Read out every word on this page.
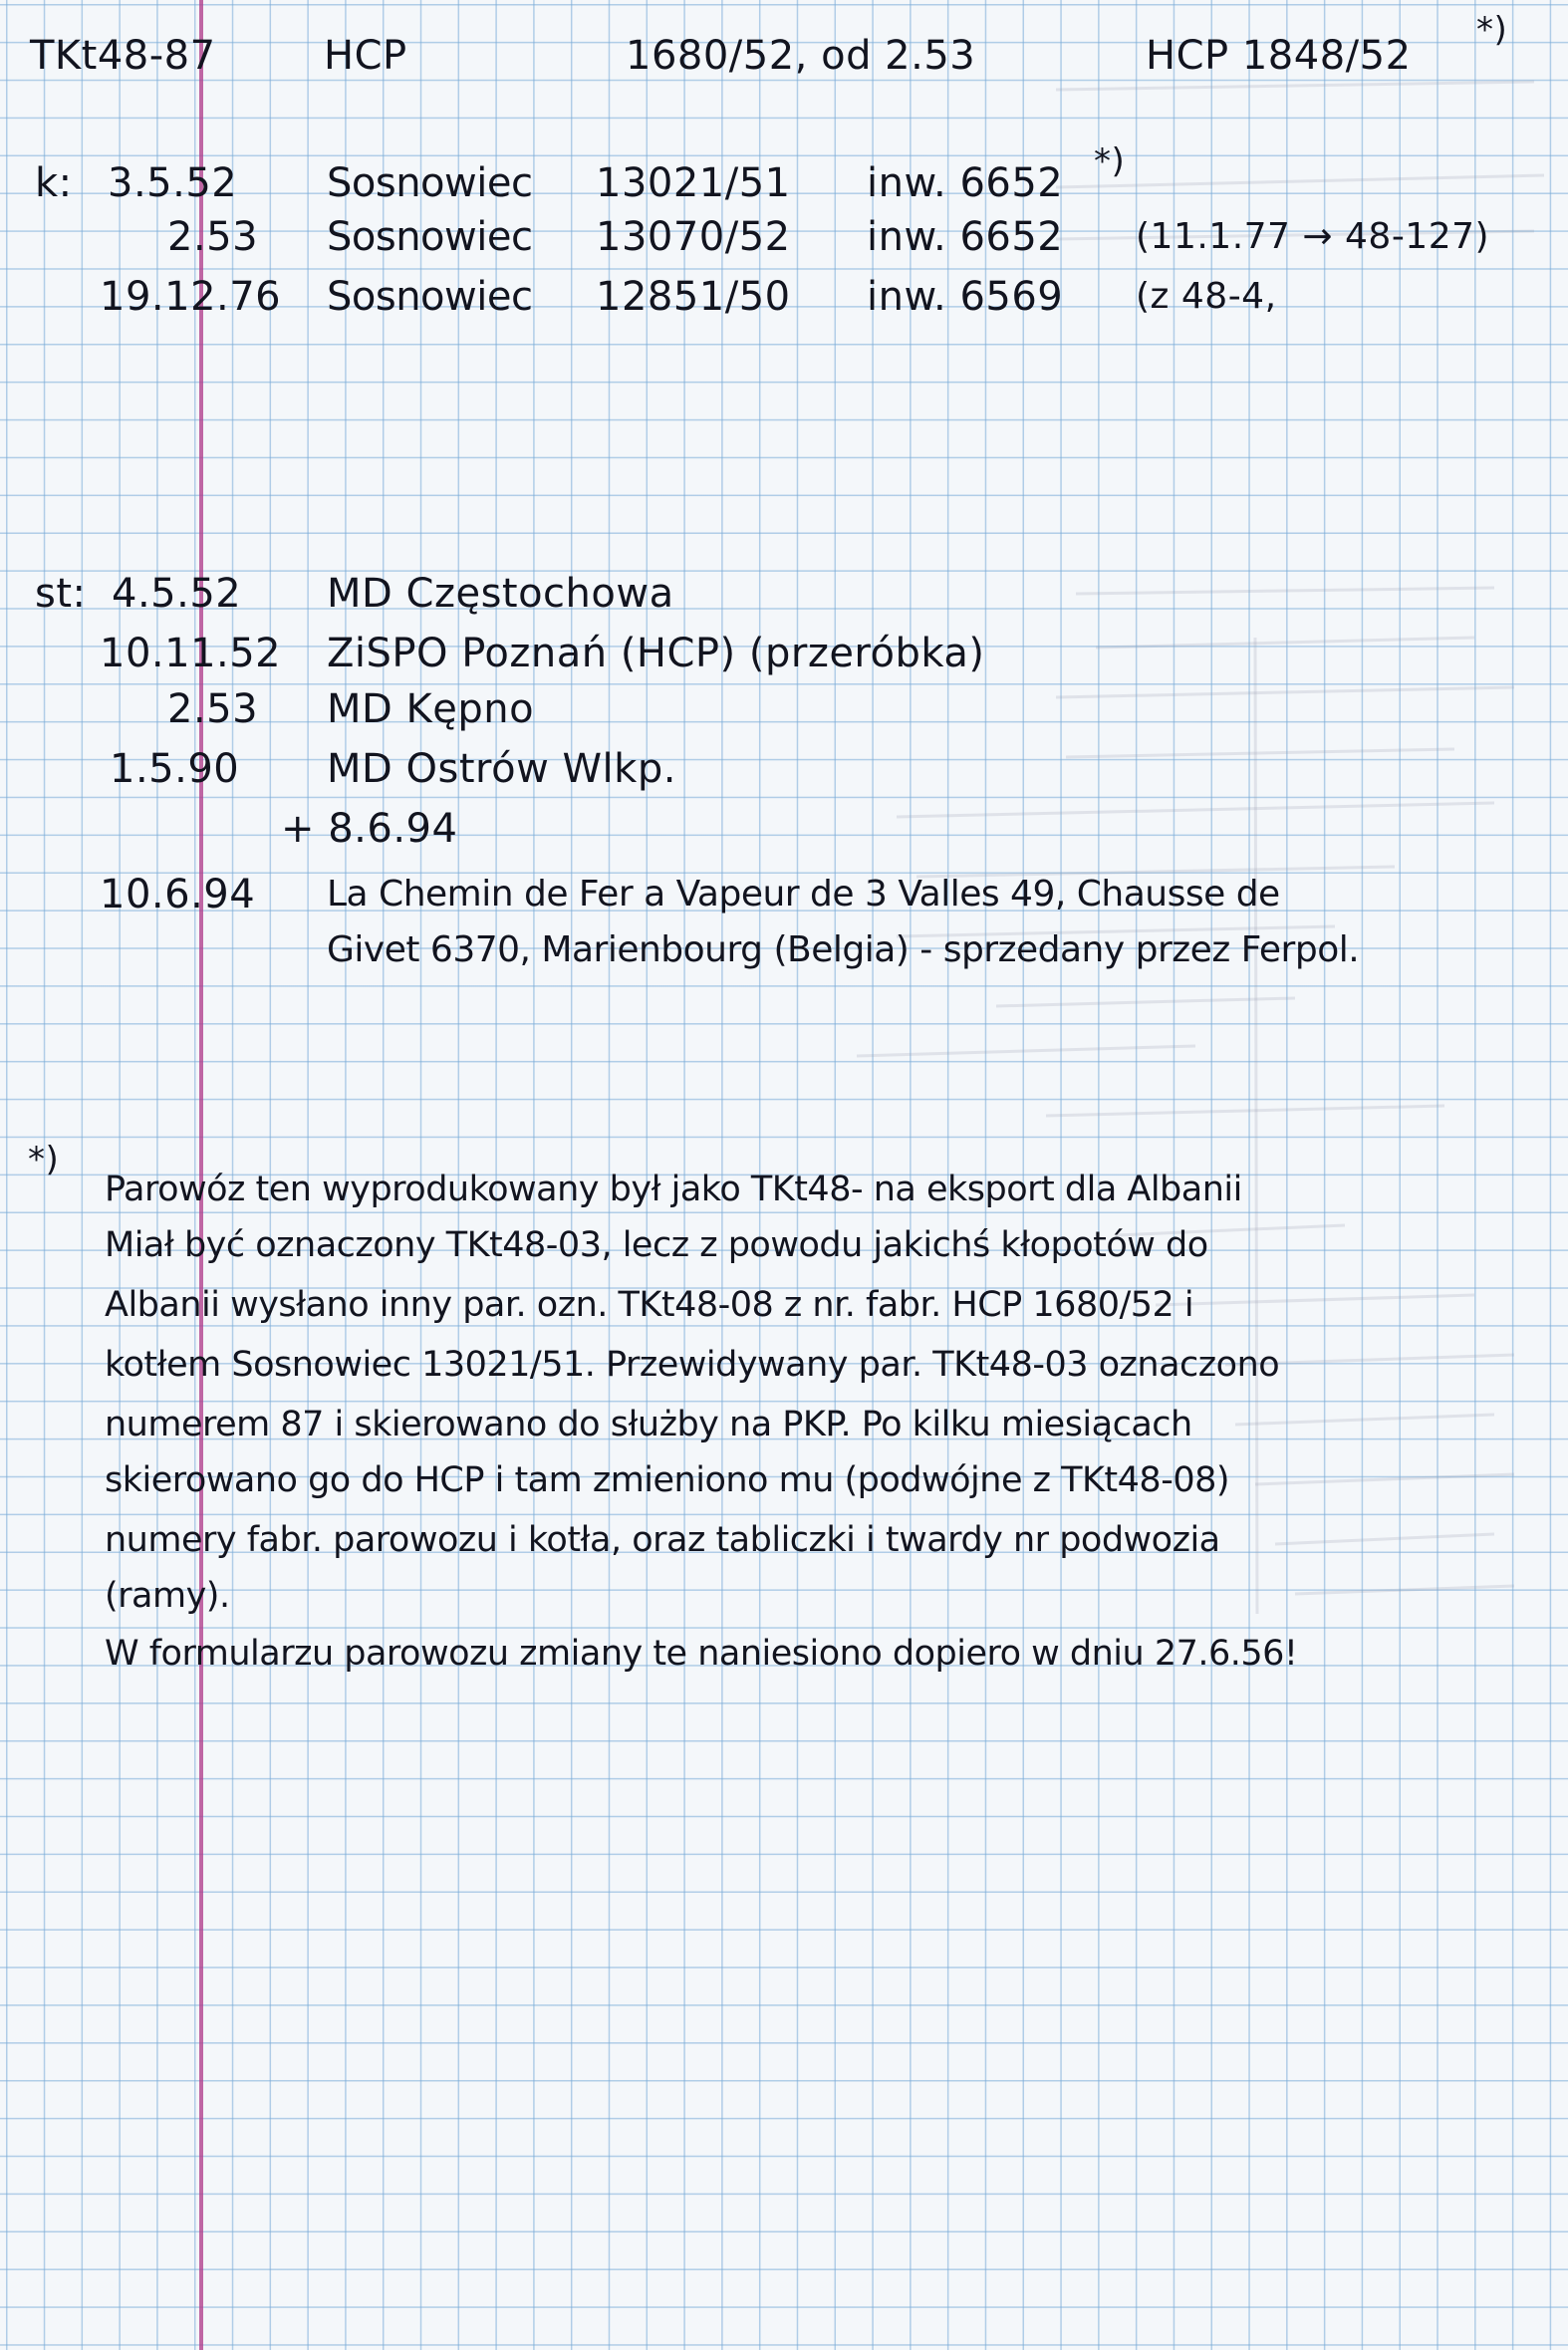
TKt48-87	HCP	1680/52, od 2.53	HCP 1848/52
*)
k: 3.5.52 Sosnowiec 13021/51 inw. 6652 *)
2.53 Sosnowiec 13070/52 inw. 6652 (11.1.77 → 48-127)
19.12.76 Sosnowiec 12851/50 inw. 6569 (z 48-4,
st: 4.5.52 MD Częstochowa
10.11.52 ZiSPO Poznań (HCP) (przeróbka)
2.53 MD Kępno
1.5.90 MD Ostrów Wlkp.
+ 8.6.94
10.6.94 La Chemin de Fer a Vapeur de 3 Valles 49, Chausse de
Givet 6370, Marienbourg (Belgia) - sprzedany przez Ferpol.
*)
Parowóz ten wyprodukowany był jako TKt48- na eksport dla Albanii
Miał być oznaczony TKt48-03, lecz z powodu jakichś kłopotów do
Albanii wysłano inny par. ozn. TKt48-08 z nr. fabr. HCP 1680/52 i
kotłem Sosnowiec 13021/51. Przewidywany par. TKt48-03 oznaczono
numerem 87 i skierowano do służby na PKP. Po kilku miesiącach
skierowano go do HCP i tam zmieniono mu (podwójne z TKt48-08)
numery fabr. parowozu i kotła, oraz tabliczki i twardy nr podwozia
(ramy).
W formularzu parowozu zmiany te naniesiono dopiero w dniu 27.6.56!
